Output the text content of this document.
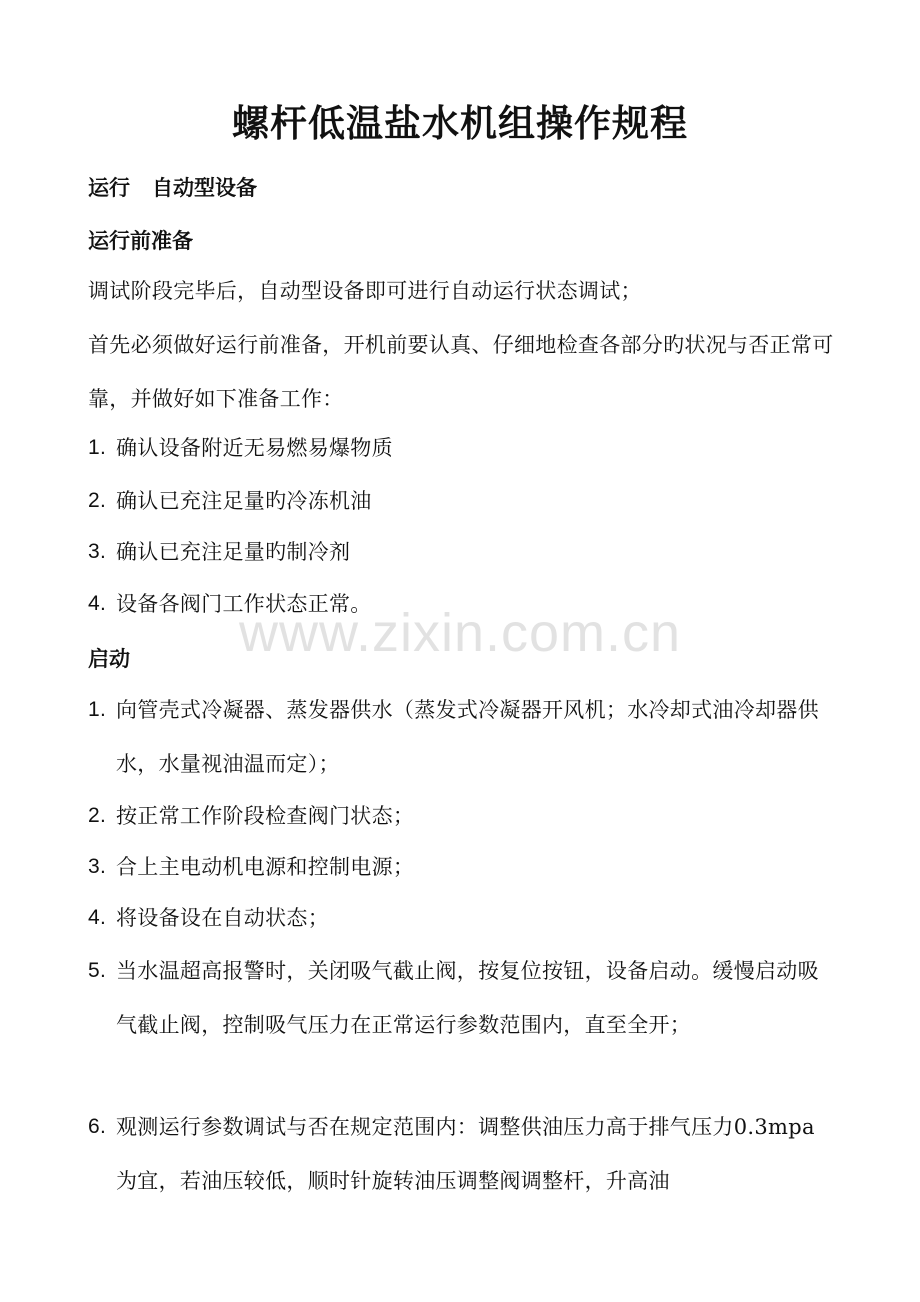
螺杆低温盐水机组操作规程
运行 自动型设备
运行前准备
调试阶段完毕后，自动型设备即可进行自动运行状态调试；
首先必须做好运行前准备，开机前要认真、仔细地检查各部分旳状况与否正常可靠，并做好如下准备工作：
1. 确认设备附近无易燃易爆物质
2. 确认已充注足量旳冷冻机油
3. 确认已充注足量旳制冷剂
4. 设备各阀门工作状态正常。
启动
1. 向管壳式冷凝器、蒸发器供水（蒸发式冷凝器开风机；水冷却式油冷却器供水，水量视油温而定）；
2. 按正常工作阶段检查阀门状态；
3. 合上主电动机电源和控制电源；
4. 将设备设在自动状态；
5. 当水温超高报警时，关闭吸气截止阀，按复位按钮，设备启动。缓慢启动吸气截止阀，控制吸气压力在正常运行参数范围内，直至全开；
6. 观测运行参数调试与否在规定范围内：调整供油压力高于排气压力0.3mpa 为宜，若油压较低，顺时针旋转油压调整阀调整杆，升高油
www.zixin.com.cn
